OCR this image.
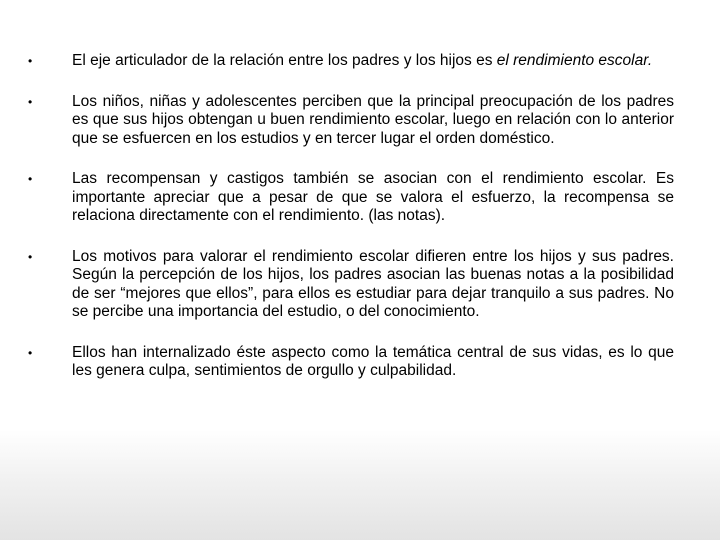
•	El eje articulador de la relación entre los padres y los hijos es el rendimiento escolar.
•	Los niños, niñas y adolescentes perciben que la principal preocupación de los padres es que sus hijos obtengan u buen rendimiento escolar, luego en relación con lo anterior que se esfuercen en los estudios y en tercer lugar el orden doméstico.
•	Las recompensan y castigos también se asocian con el rendimiento escolar. Es importante apreciar que a pesar de que se valora el esfuerzo, la recompensa se relaciona directamente con el rendimiento. (las notas).
•	Los motivos para valorar el rendimiento escolar difieren entre los hijos y sus padres. Según la percepción de los hijos, los padres asocian las buenas notas a la posibilidad de ser “mejores que ellos”, para ellos es estudiar para dejar tranquilo a sus padres. No se percibe una importancia del estudio, o del conocimiento.
•	Ellos han internalizado éste aspecto como la temática central de sus vidas, es lo que les genera culpa, sentimientos de orgullo y culpabilidad.
